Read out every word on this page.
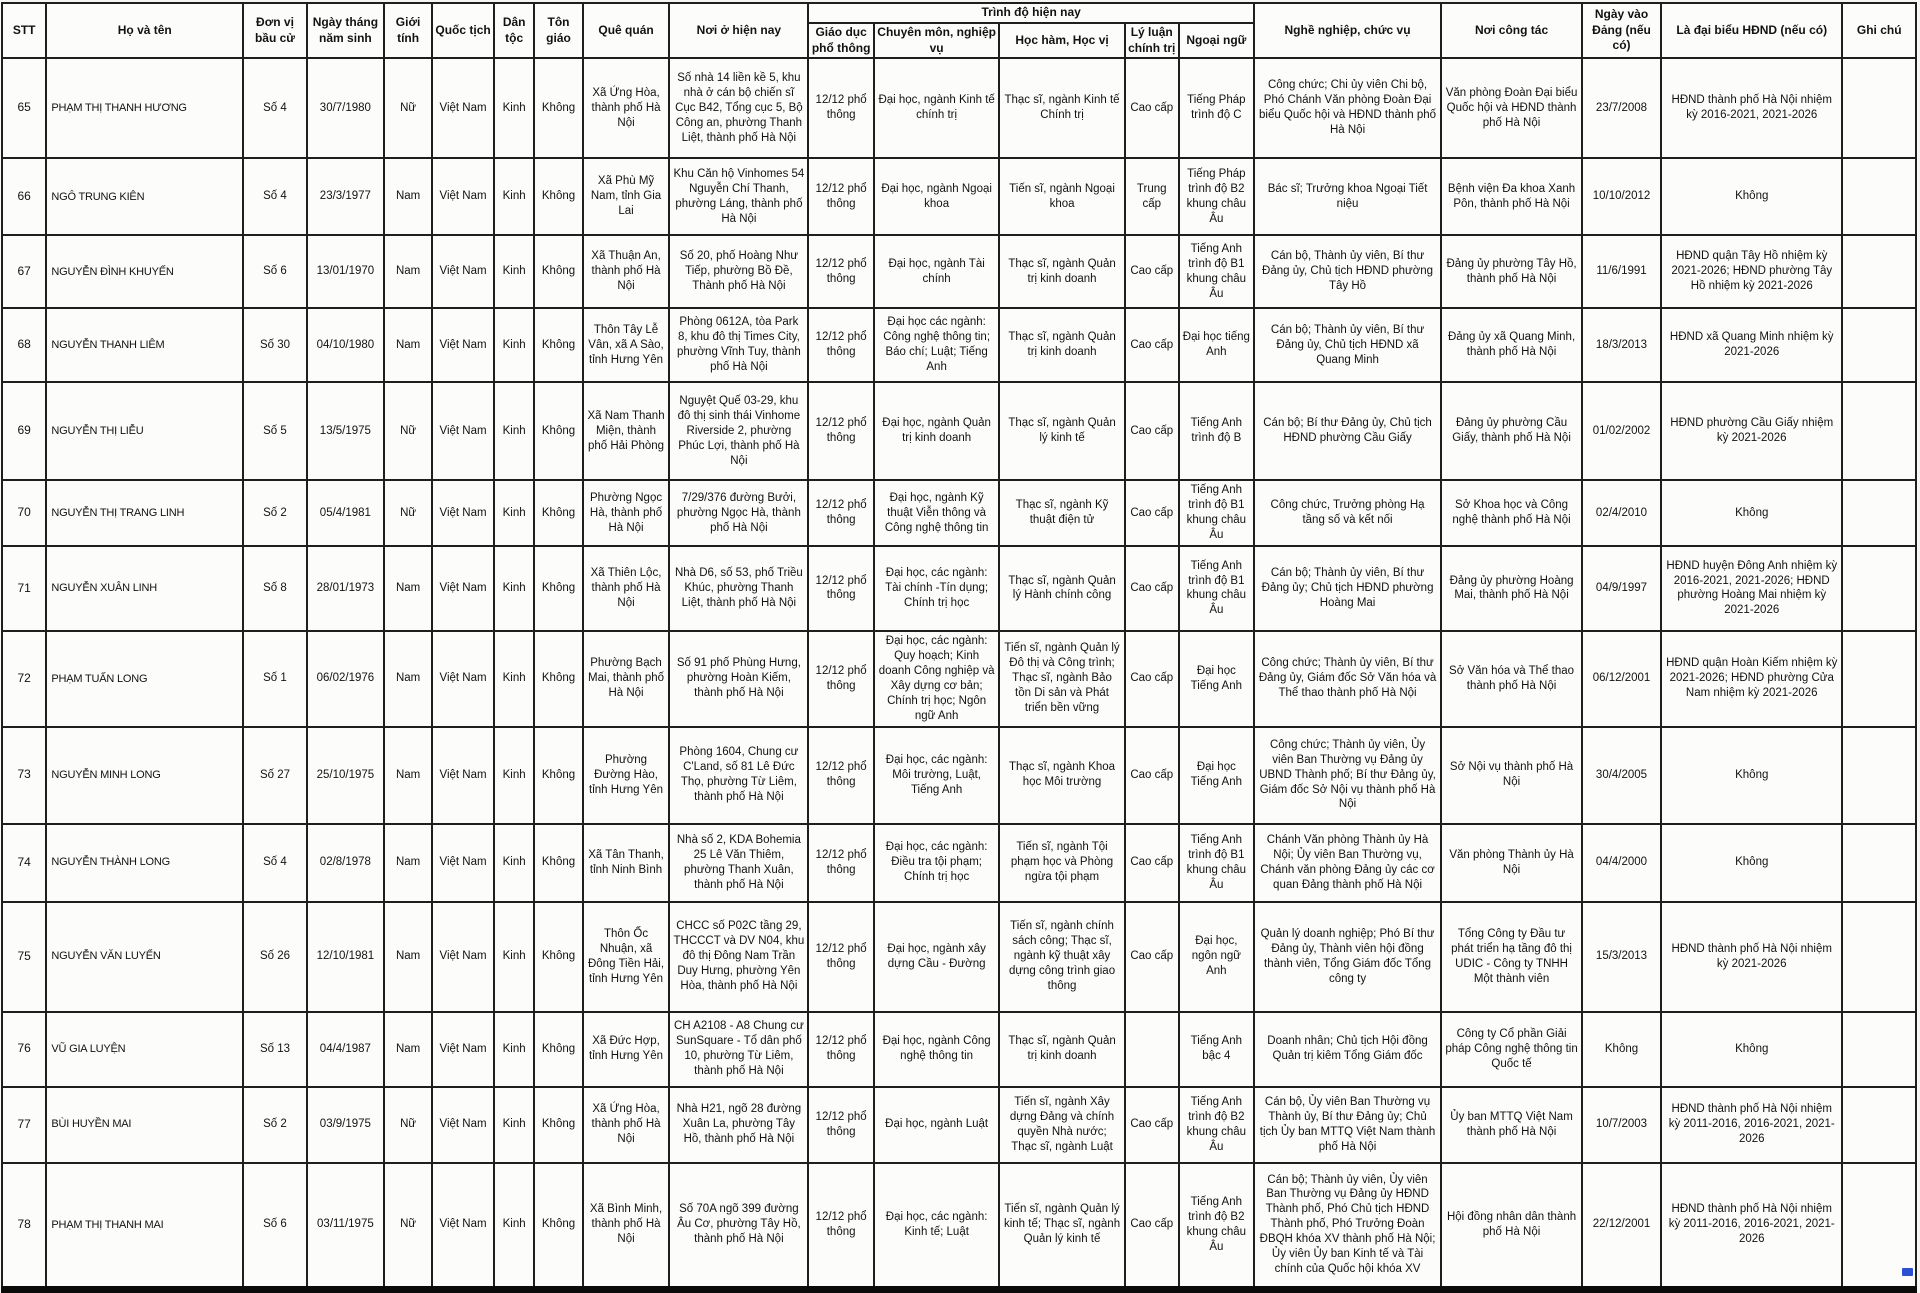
STT	Họ và tên	Đơn vị bầu cử	Ngày tháng năm sinh	Giới tính	Quốc tịch	Dân tộc	Tôn giáo	Quê quán	Nơi ở hiện nay	Trình độ hiện nay					Nghề nghiệp, chức vụ	Nơi công tác	Ngày vào Đảng (nếu có)	Là đại biểu HĐND (nếu có)	Ghi chú
										Giáo dục phổ thông	Chuyên môn, nghiệp vụ	Học hàm, Học vị	Lý luận chính trị	Ngoại ngữ					
65	PHẠM THỊ THANH HƯƠNG	Số 4	30/7/1980	Nữ	Việt Nam	Kinh	Không	Xã Ứng Hòa, thành phố Hà Nội	Số nhà 14 liền kề 5, khu nhà ở cán bộ chiến sĩ Cục B42, Tổng cục 5, Bộ Công an, phường Thanh Liệt, thành phố Hà Nội	12/12 phổ thông	Đại học, ngành Kinh tế chính trị	Thạc sĩ, ngành Kinh tế Chính trị	Cao cấp	Tiếng Pháp trình độ C	Công chức; Chi ủy viên Chi bộ, Phó Chánh Văn phòng Đoàn Đại biểu Quốc hội và HĐND thành phố Hà Nội	Văn phòng Đoàn Đại biểu Quốc hội và HĐND thành phố Hà Nội	23/7/2008	HĐND thành phố Hà Nội nhiệm kỳ 2016-2021, 2021-2026	
66	NGÔ TRUNG KIÊN	Số 4	23/3/1977	Nam	Việt Nam	Kinh	Không	Xã Phù Mỹ Nam, tỉnh Gia Lai	Khu Căn hộ Vinhomes 54 Nguyễn Chí Thanh, phường Láng, thành phố Hà Nội	12/12 phổ thông	Đại học, ngành Ngoại khoa	Tiến sĩ, ngành Ngoại khoa	Trung cấp	Tiếng Pháp trình độ B2 khung châu Âu	Bác sĩ; Trưởng khoa Ngoại Tiết niệu	Bệnh viện Đa khoa Xanh Pôn, thành phố Hà Nội	10/10/2012	Không	
67	NGUYỄN ĐÌNH KHUYẾN	Số 6	13/01/1970	Nam	Việt Nam	Kinh	Không	Xã Thuận An, thành phố Hà Nội	Số 20, phố Hoàng Như Tiếp, phường Bồ Đề, Thành phố Hà Nội	12/12 phổ thông	Đại học, ngành Tài chính	Thạc sĩ, ngành Quản trị kinh doanh	Cao cấp	Tiếng Anh trình độ B1 khung châu Âu	Cán bộ, Thành ủy viên, Bí thư Đảng ủy, Chủ tịch HĐND phường Tây Hồ	Đảng ủy phường Tây Hồ, thành phố Hà Nội	11/6/1991	HĐND quận Tây Hồ nhiệm kỳ 2021-2026; HĐND phường Tây Hồ nhiệm kỳ 2021-2026	
68	NGUYỄN THANH LIÊM	Số 30	04/10/1980	Nam	Việt Nam	Kinh	Không	Thôn Tây Lễ Vân, xã A Sào, tỉnh Hưng Yên	Phòng 0612A, tòa Park 8, khu đô thị Times City, phường Vĩnh Tuy, thành phố Hà Nội	12/12 phổ thông	Đại học các ngành: Công nghệ thông tin; Báo chí; Luật; Tiếng Anh	Thạc sĩ, ngành Quản trị kinh doanh	Cao cấp	Đại học tiếng Anh	Cán bộ; Thành ủy viên, Bí thư Đảng ủy, Chủ tịch HĐND xã Quang Minh	Đảng ủy xã Quang Minh, thành phố Hà Nội	18/3/2013	HĐND xã Quang Minh nhiệm kỳ 2021-2026	
69	NGUYỄN THỊ LIỄU	Số 5	13/5/1975	Nữ	Việt Nam	Kinh	Không	Xã Nam Thanh Miện, thành phố Hải Phòng	Nguyệt Quế 03-29, khu đô thị sinh thái Vinhome Riverside 2, phường Phúc Lợi, thành phố Hà Nội	12/12 phổ thông	Đại học, ngành Quản trị kinh doanh	Thạc sĩ, ngành Quản lý kinh tế	Cao cấp	Tiếng Anh trình độ B	Cán bộ; Bí thư Đảng ủy, Chủ tịch HĐND phường Cầu Giấy	Đảng ủy phường Cầu Giấy, thành phố Hà Nội	01/02/2002	HĐND phường Cầu Giấy nhiệm kỳ 2021-2026	
70	NGUYỄN THỊ TRANG LINH	Số 2	05/4/1981	Nữ	Việt Nam	Kinh	Không	Phường Ngọc Hà, thành phố Hà Nội	7/29/376 đường Bưởi, phường Ngọc Hà, thành phố Hà Nội	12/12 phổ thông	Đại học, ngành Kỹ thuật Viễn thông và Công nghệ thông tin	Thạc sĩ, ngành Kỹ thuật điện tử	Cao cấp	Tiếng Anh trình độ B1 khung châu Âu	Công chức, Trưởng phòng Hạ tầng số và kết nối	Sở Khoa học và Công nghệ thành phố Hà Nội	02/4/2010	Không	
71	NGUYỄN XUÂN LINH	Số 8	28/01/1973	Nam	Việt Nam	Kinh	Không	Xã Thiên Lộc, thành phố Hà Nội	Nhà D6, số 53, phố Triều Khúc, phường Thanh Liệt, thành phố Hà Nội	12/12 phổ thông	Đại học, các ngành: Tài chính -Tín dụng; Chính trị học	Thạc sĩ, ngành Quản lý Hành chính công	Cao cấp	Tiếng Anh trình độ B1 khung châu Âu	Cán bộ; Thành ủy viên, Bí thư Đảng ủy; Chủ tịch HĐND phường Hoàng Mai	Đảng ủy phường Hoàng Mai, thành phố Hà Nội	04/9/1997	HĐND huyện Đông Anh nhiệm kỳ 2016-2021, 2021-2026; HĐND phường Hoàng Mai nhiệm kỳ 2021-2026	
72	PHẠM TUẤN LONG	Số 1	06/02/1976	Nam	Việt Nam	Kinh	Không	Phường Bạch Mai, thành phố Hà Nội	Số 91 phố Phùng Hưng, phường Hoàn Kiếm, thành phố Hà Nội	12/12 phổ thông	Đại học, các ngành: Quy hoạch; Kinh doanh Công nghiệp và Xây dựng cơ bản; Chính trị học; Ngôn ngữ Anh	Tiến sĩ, ngành Quản lý Đô thị và Công trình; Thạc sĩ, ngành Bảo tồn Di sản và Phát triển bền vững	Cao cấp	Đại học Tiếng Anh	Công chức; Thành ủy viên, Bí thư Đảng ủy, Giám đốc Sở Văn hóa và Thể thao thành phố Hà Nội	Sở Văn hóa và Thể thao thành phố Hà Nội	06/12/2001	HĐND quận Hoàn Kiếm nhiệm kỳ 2021-2026; HĐND phường Cửa Nam nhiệm kỳ 2021-2026	
73	NGUYỄN MINH LONG	Số 27	25/10/1975	Nam	Việt Nam	Kinh	Không	Phường Đường Hào, tỉnh Hưng Yên	Phòng 1604, Chung cư C'Land, số 81 Lê Đức Thọ, phường Từ Liêm, thành phố Hà Nội	12/12 phổ thông	Đại học, các ngành: Môi trường, Luật, Tiếng Anh	Thạc sĩ, ngành Khoa học Môi trường	Cao cấp	Đại học Tiếng Anh	Công chức; Thành ủy viên, Ủy viên Ban Thường vụ Đảng ủy UBND Thành phố; Bí thư Đảng ủy, Giám đốc Sở Nội vụ thành phố Hà Nội	Sở Nội vụ thành phố Hà Nội	30/4/2005	Không	
74	NGUYỄN THÀNH LONG	Số 4	02/8/1978	Nam	Việt Nam	Kinh	Không	Xã Tân Thanh, tỉnh Ninh Bình	Nhà số 2, KDA Bohemia 25 Lê Văn Thiêm, phường Thanh Xuân, thành phố Hà Nội	12/12 phổ thông	Đại học, các ngành: Điều tra tội phạm; Chính trị học	Tiến sĩ, ngành Tội phạm học và Phòng ngừa tội phạm	Cao cấp	Tiếng Anh trình độ B1 khung châu Âu	Chánh Văn phòng Thành ủy Hà Nội; Ủy viên Ban Thường vụ, Chánh văn phòng Đảng ủy các cơ quan Đảng thành phố Hà Nội	Văn phòng Thành ủy Hà Nội	04/4/2000	Không	
75	NGUYỄN VĂN LUYẾN	Số 26	12/10/1981	Nam	Việt Nam	Kinh	Không	Thôn Ốc Nhuận, xã Đông Tiền Hải, tỉnh Hưng Yên	CHCC số P02C tầng 29, THCCCT và DV N04, khu đô thị Đông Nam Trần Duy Hưng, phường Yên Hòa, thành phố Hà Nội	12/12 phổ thông	Đại học, ngành xây dựng Cầu - Đường	Tiến sĩ, ngành chính sách công; Thạc sĩ, ngành kỹ thuật xây dựng công trình giao thông	Cao cấp	Đại học, ngôn ngữ Anh	Quản lý doanh nghiệp; Phó Bí thư Đảng ủy, Thành viên hội đồng thành viên, Tổng Giám đốc Tổng công ty	Tổng Công ty Đầu tư phát triển hạ tầng đô thị UDIC - Công ty TNHH Một thành viên	15/3/2013	HĐND thành phố Hà Nội nhiệm kỳ 2021-2026	
76	VŨ GIA LUYỆN	Số 13	04/4/1987	Nam	Việt Nam	Kinh	Không	Xã Đức Hợp, tỉnh Hưng Yên	CH A2108 - A8 Chung cư SunSquare - Tổ dân phố 10, phường Từ Liêm, thành phố Hà Nội	12/12 phổ thông	Đại học, ngành Công nghệ thông tin	Thạc sĩ, ngành Quản trị kinh doanh		Tiếng Anh bậc 4	Doanh nhân; Chủ tịch Hội đồng Quản trị kiêm Tổng Giám đốc	Công ty Cổ phần Giải pháp Công nghệ thông tin Quốc tế	Không	Không	
77	BÙI HUYỀN MAI	Số 2	03/9/1975	Nữ	Việt Nam	Kinh	Không	Xã Ứng Hòa, thành phố Hà Nội	Nhà H21, ngõ 28 đường Xuân La, phường Tây Hồ, thành phố Hà Nội	12/12 phổ thông	Đại học, ngành Luật	Tiến sĩ, ngành Xây dựng Đảng và chính quyền Nhà nước; Thạc sĩ, ngành Luật	Cao cấp	Tiếng Anh trình độ B2 khung châu Âu	Cán bộ, Ủy viên Ban Thường vụ Thành ủy, Bí thư Đảng ủy; Chủ tịch Ủy ban MTTQ Việt Nam thành phố Hà Nội	Ủy ban MTTQ Việt Nam thành phố Hà Nội	10/7/2003	HĐND thành phố Hà Nội nhiệm kỳ 2011-2016, 2016-2021, 2021-2026	
78	PHẠM THỊ THANH MAI	Số 6	03/11/1975	Nữ	Việt Nam	Kinh	Không	Xã Bình Minh, thành phố Hà Nội	Số 70A ngõ 399 đường Âu Cơ, phường Tây Hồ, thành phố Hà Nội	12/12 phổ thông	Đại học, các ngành: Kinh tế; Luật	Tiến sĩ, ngành Quản lý kinh tế; Thạc sĩ, ngành Quản lý kinh tế	Cao cấp	Tiếng Anh trình độ B2 khung châu Âu	Cán bộ; Thành ủy viên, Ủy viên Ban Thường vụ Đảng ủy HĐND Thành phố, Phó Chủ tịch HĐND Thành phố, Phó Trưởng Đoàn ĐBQH khóa XV thành phố Hà Nội; Ủy viên Ủy ban Kinh tế và Tài chính của Quốc hội khóa XV	Hội đồng nhân dân thành phố Hà Nội	22/12/2001	HĐND thành phố Hà Nội nhiệm kỳ 2011-2016, 2016-2021, 2021-2026	
